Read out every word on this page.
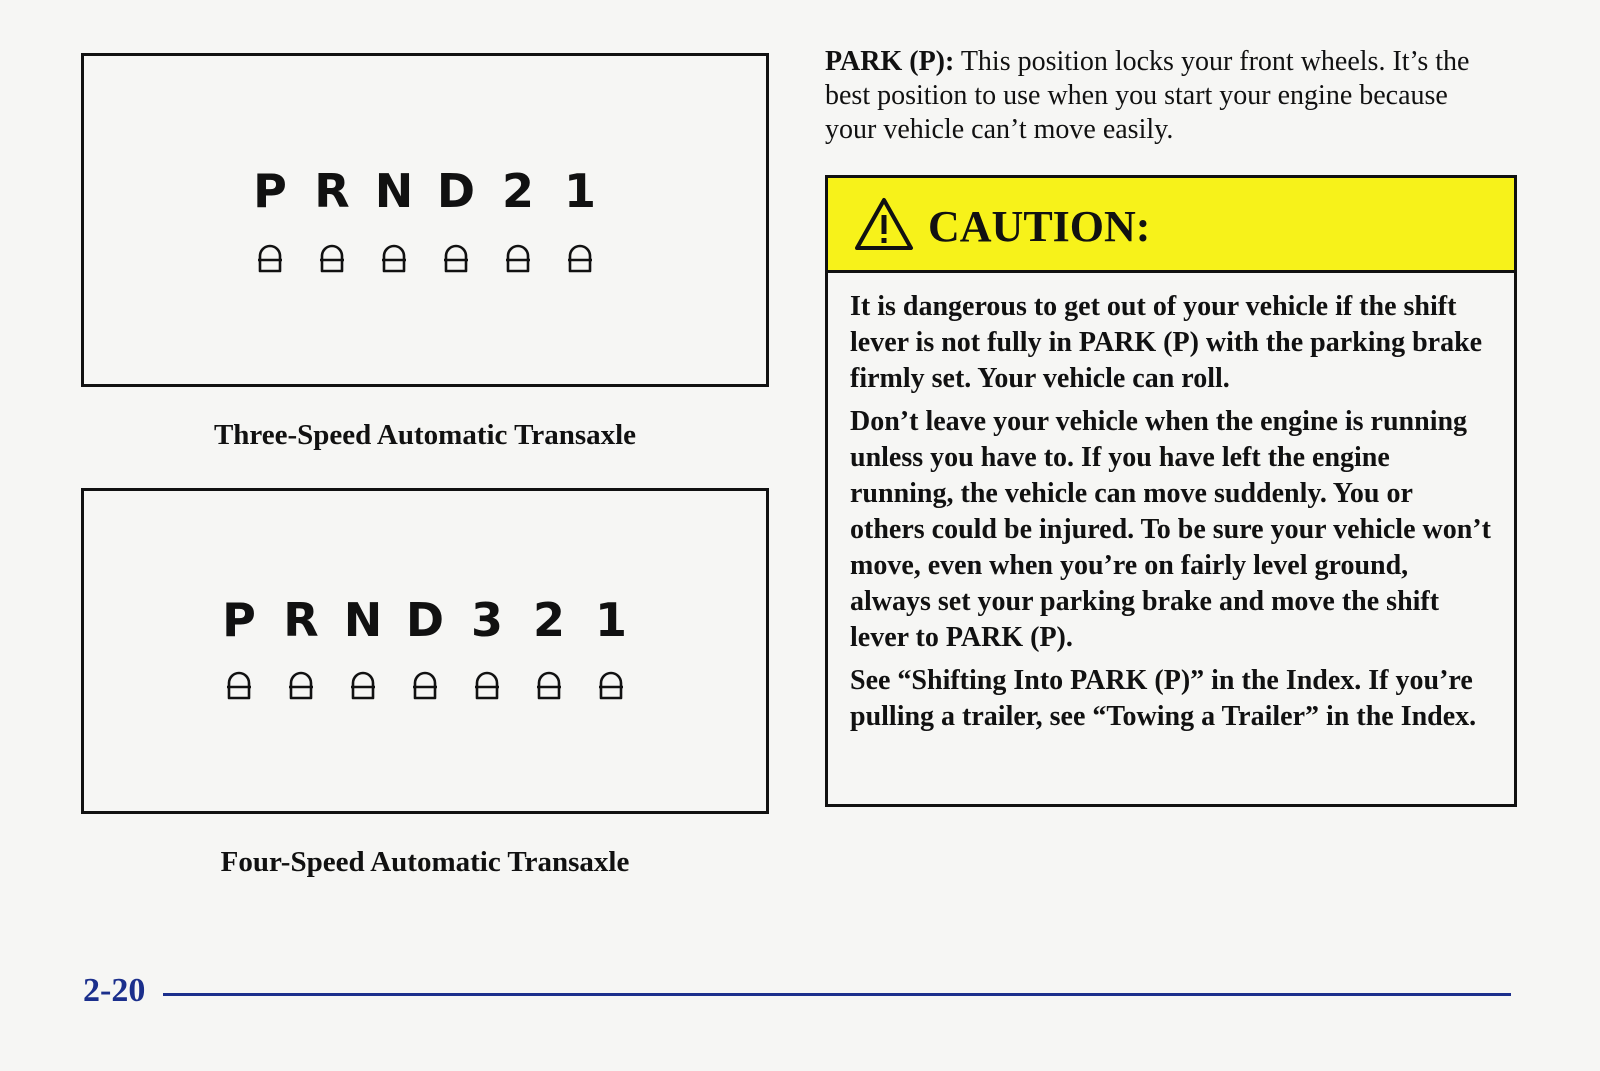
P R N D 2 1
Three-Speed Automatic Transaxle
P R N D 3 2 1
Four-Speed Automatic Transaxle
PARK (P): This position locks your front wheels. It’s the best position to use when you start your engine because your vehicle can’t move easily.
CAUTION:

It is dangerous to get out of your vehicle if the shift lever is not fully in PARK (P) with the parking brake firmly set. Your vehicle can roll.

Don’t leave your vehicle when the engine is running unless you have to. If you have left the engine running, the vehicle can move suddenly. You or others could be injured. To be sure your vehicle won’t move, even when you’re on fairly level ground, always set your parking brake and move the shift lever to PARK (P).

See “Shifting Into PARK (P)” in the Index. If you’re pulling a trailer, see “Towing a Trailer” in the Index.

2-20
